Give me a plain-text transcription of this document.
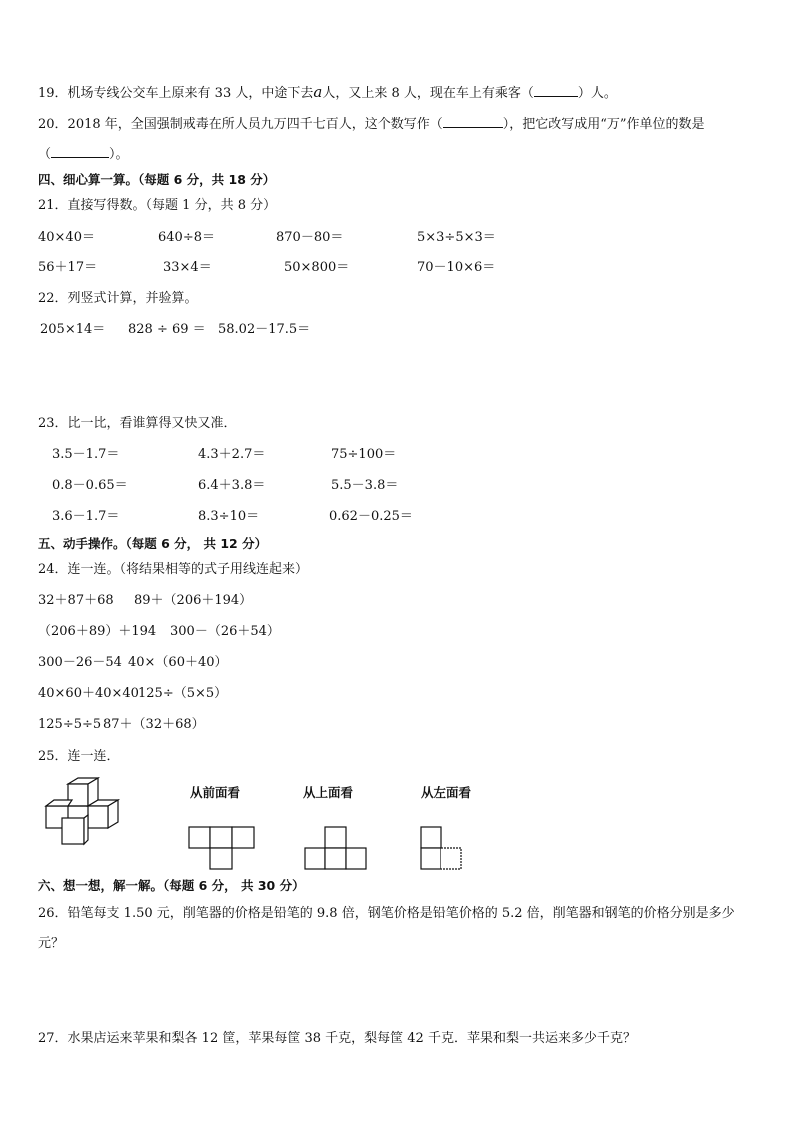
19．机场专线公交车上原来有 33 人，中途下去a人，又上来 8 人，现在车上有乘客（	）人。
20．2018 年，全国强制戒毒在所人员九万四千七百人，这个数写作（	），把它改写成用“万”作单位的数是
（	）。
四、细心算一算。（每题 6 分，共 18 分）
21．直接写得数。（每题 1 分，共 8 分）
40×40＝	640÷8＝	870－80＝	5×3÷5×3＝
56＋17＝	33×4＝	50×800＝	70－10×6＝
22．列竖式计算，并验算。
205×14＝ 828 ÷ 69 ＝ 58.02－17.5＝
23．比一比，看谁算得又快又准．
3.5－1.7＝	4.3＋2.7＝	75÷100＝
0.8－0.65＝	6.4＋3.8＝	5.5－3.8＝
3.6－1.7＝	8.3÷10＝	0.62－0.25＝
五、动手操作。（每题 6 分， 共 12 分）
24．连一连。（将结果相等的式子用线连起来）
32＋87＋68 89＋（206＋194）
（206＋89）＋194 300－（26＋54）
300－26－54 40×（60＋40）
40×60＋40×40 125÷（5×5）
125÷5÷5 87＋（32＋68）
25．连一连．
从前面看	从上面看	从左面看
六、想一想，解一解。（每题 6 分， 共 30 分）
26．铅笔每支 1.50 元，削笔器的价格是铅笔的 9.8 倍，钢笔价格是铅笔价格的 5.2 倍，削笔器和钢笔的价格分别是多少
元？
27．水果店运来苹果和梨各 12 筐，苹果每筐 38 千克，梨每筐 42 千克．苹果和梨一共运来多少千克？
